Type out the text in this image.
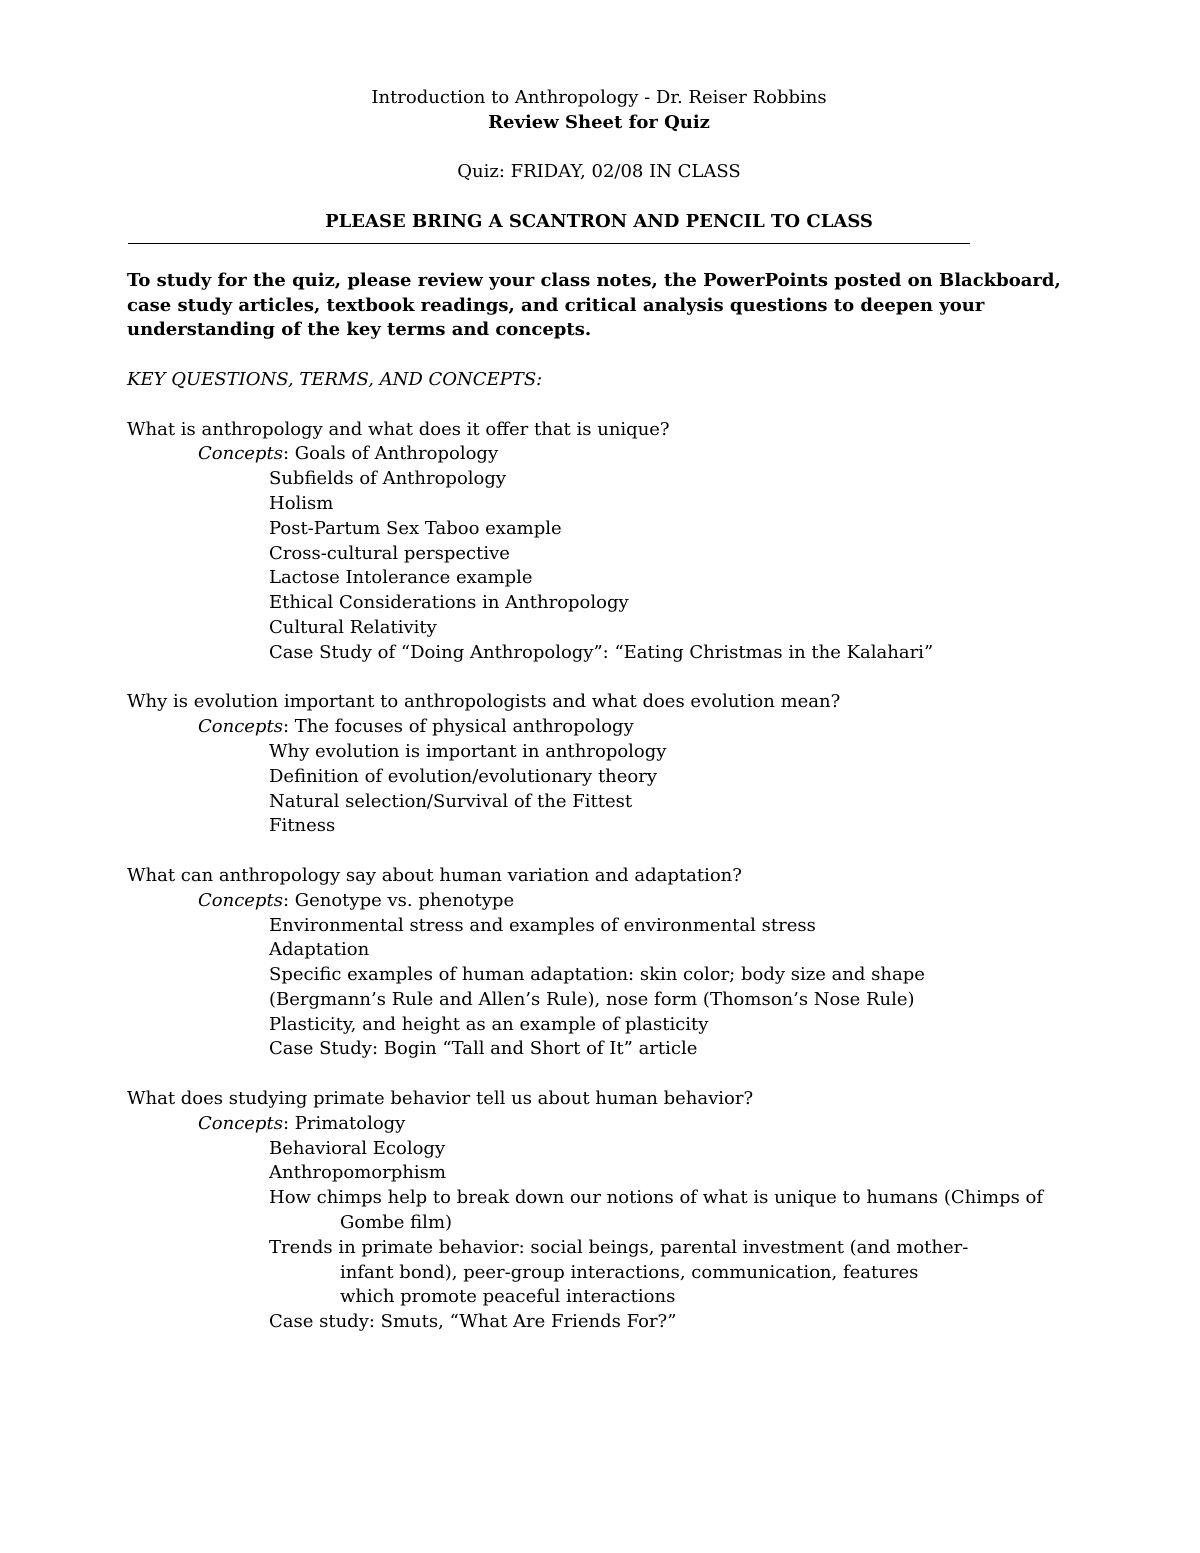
Introduction to Anthropology - Dr. Reiser Robbins
Review Sheet for Quiz
Quiz: FRIDAY, 02/08 IN CLASS
PLEASE BRING A SCANTRON AND PENCIL TO CLASS
To study for the quiz, please review your class notes, the PowerPoints posted on Blackboard, case study articles, textbook readings, and critical analysis questions to deepen your understanding of the key terms and concepts.
KEY QUESTIONS, TERMS, AND CONCEPTS:
What is anthropology and what does it offer that is unique?
Concepts: Goals of Anthropology
Subfields of Anthropology
Holism
Post-Partum Sex Taboo example
Cross-cultural perspective
Lactose Intolerance example
Ethical Considerations in Anthropology
Cultural Relativity
Case Study of “Doing Anthropology”: “Eating Christmas in the Kalahari”
Why is evolution important to anthropologists and what does evolution mean?
Concepts: The focuses of physical anthropology
Why evolution is important in anthropology
Definition of evolution/evolutionary theory
Natural selection/Survival of the Fittest
Fitness
What can anthropology say about human variation and adaptation?
Concepts: Genotype vs. phenotype
Environmental stress and examples of environmental stress
Adaptation
Specific examples of human adaptation: skin color; body size and shape
(Bergmann’s Rule and Allen’s Rule), nose form (Thomson’s Nose Rule)
Plasticity, and height as an example of plasticity
Case Study: Bogin “Tall and Short of It” article
What does studying primate behavior tell us about human behavior?
Concepts: Primatology
Behavioral Ecology
Anthropomorphism
How chimps help to break down our notions of what is unique to humans (Chimps of Gombe film)
Trends in primate behavior: social beings, parental investment (and mother-infant bond), peer-group interactions, communication, features which promote peaceful interactions
Case study: Smuts, “What Are Friends For?”
